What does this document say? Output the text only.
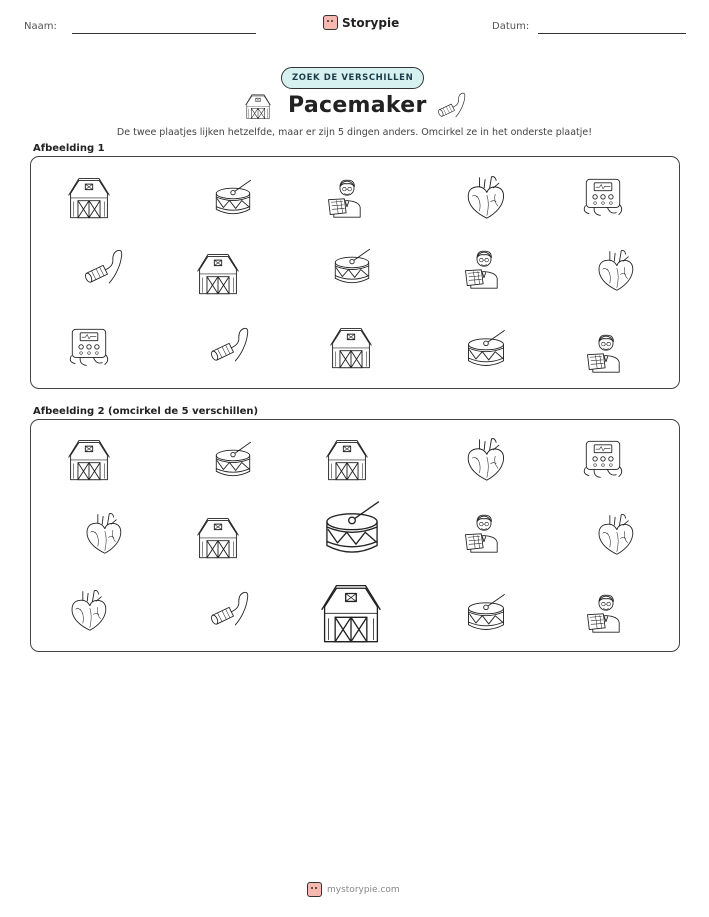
Naam:	Storypie	Datum:
ZOEK DE VERSCHILLEN
Pacemaker
De twee plaatjes lijken hetzelfde, maar er zijn 5 dingen anders. Omcirkel ze in het onderste plaatje!
Afbeelding 1
Afbeelding 2 (omcirkel de 5 verschillen)
mystorypie.com
